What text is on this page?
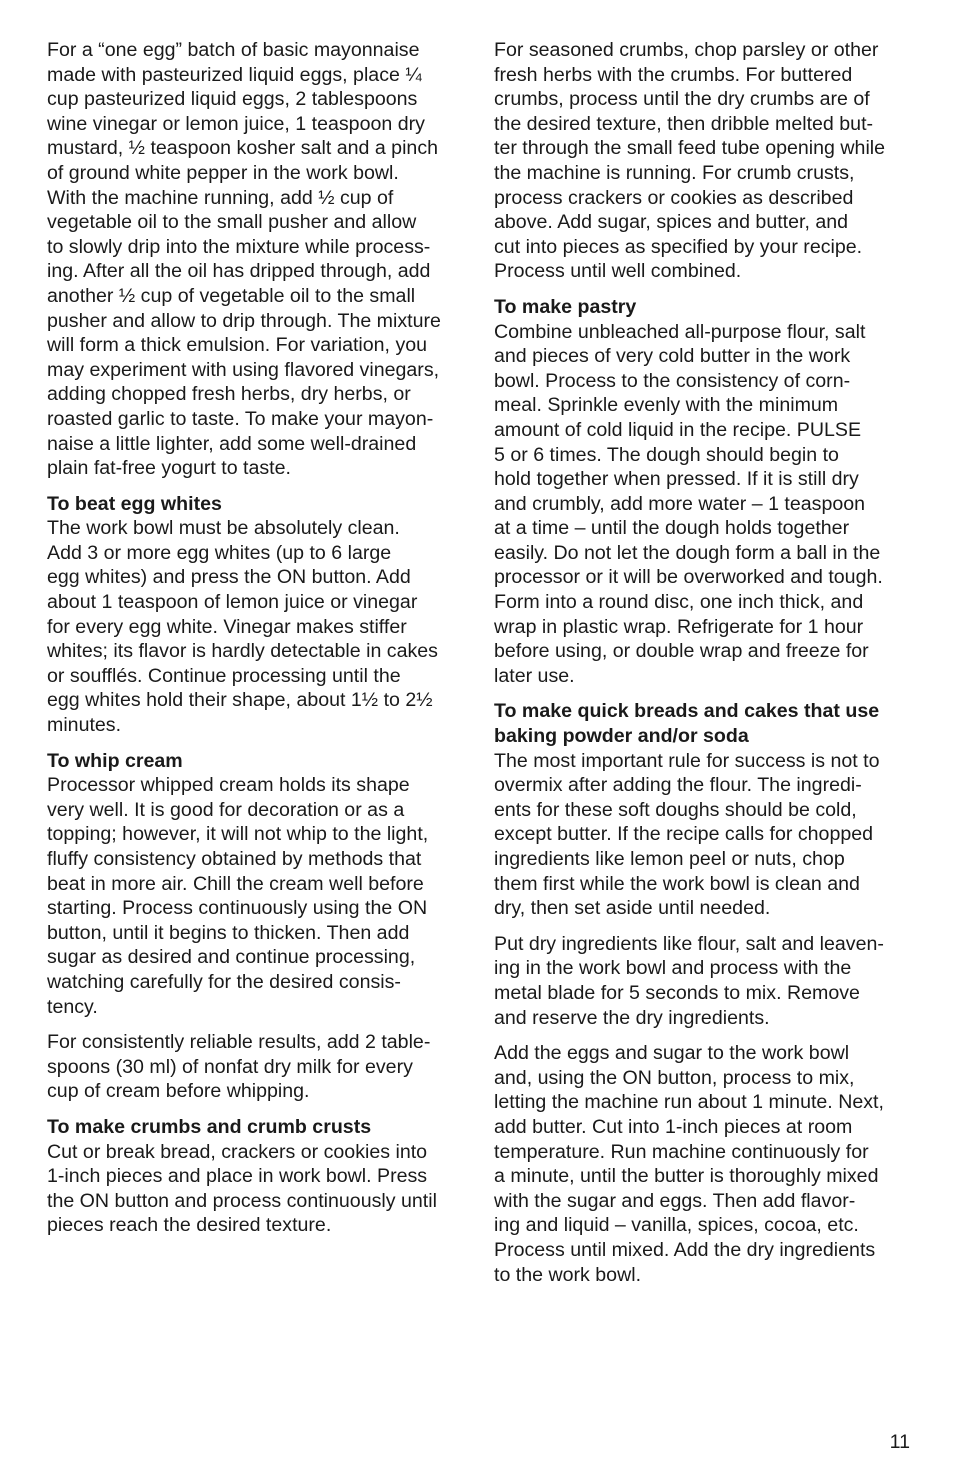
For a “one egg” batch of basic mayonnaise
made with pasteurized liquid eggs, place ¼
cup pasteurized liquid eggs, 2 tablespoons
wine vinegar or lemon juice, 1 teaspoon dry
mustard, ½ teaspoon kosher salt and a pinch
of ground white pepper in the work bowl.
With the machine running, add ½ cup of
vegetable oil to the small pusher and allow
to slowly drip into the mixture while process-
ing. After all the oil has dripped through, add
another ½ cup of vegetable oil to the small
pusher and allow to drip through. The mixture
will form a thick emulsion. For variation, you
may experiment with using flavored vinegars,
adding chopped fresh herbs, dry herbs, or
roasted garlic to taste. To make your mayon-
naise a little lighter, add some well-drained
plain fat-free yogurt to taste.

To beat egg whites

The work bowl must be absolutely clean.
Add 3 or more egg whites (up to 6 large
egg whites) and press the ON button. Add
about 1 teaspoon of lemon juice or vinegar
for every egg white. Vinegar makes stiffer
whites; its flavor is hardly detectable in cakes
or soufflés. Continue processing until the
egg whites hold their shape, about 1½ to 2½
minutes.

To whip cream

Processor whipped cream holds its shape
very well. It is good for decoration or as a
topping; however, it will not whip to the light,
fluffy consistency obtained by methods that
beat in more air. Chill the cream well before
starting. Process continuously using the ON
button, until it begins to thicken. Then add
sugar as desired and continue processing,
watching carefully for the desired consis-
tency.

For consistently reliable results, add 2 table-
spoons (30 ml) of nonfat dry milk for every
cup of cream before whipping.

To make crumbs and crumb crusts

Cut or break bread, crackers or cookies into
1-inch pieces and place in work bowl. Press
the ON button and process continuously until
pieces reach the desired texture.

For seasoned crumbs, chop parsley or other
fresh herbs with the crumbs. For buttered
crumbs, process until the dry crumbs are of
the desired texture, then dribble melted but-
ter through the small feed tube opening while
the machine is running. For crumb crusts,
process crackers or cookies as described
above. Add sugar, spices and butter, and
cut into pieces as specified by your recipe.
Process until well combined.

To make pastry

Combine unbleached all-purpose flour, salt
and pieces of very cold butter in the work
bowl. Process to the consistency of corn-
meal. Sprinkle evenly with the minimum
amount of cold liquid in the recipe. PULSE
5 or 6 times. The dough should begin to
hold together when pressed. If it is still dry
and crumbly, add more water – 1 teaspoon
at a time – until the dough holds together
easily. Do not let the dough form a ball in the
processor or it will be overworked and tough.
Form into a round disc, one inch thick, and
wrap in plastic wrap. Refrigerate for 1 hour
before using, or double wrap and freeze for
later use.

To make quick breads and cakes that use
baking powder and/or soda

The most important rule for success is not to
overmix after adding the flour. The ingredi-
ents for these soft doughs should be cold,
except butter. If the recipe calls for chopped
ingredients like lemon peel or nuts, chop
them first while the work bowl is clean and
dry, then set aside until needed.

Put dry ingredients like flour, salt and leaven-
ing in the work bowl and process with the
metal blade for 5 seconds to mix. Remove
and reserve the dry ingredients.

Add the eggs and sugar to the work bowl
and, using the ON button, process to mix,
letting the machine run about 1 minute. Next,
add butter. Cut into 1-inch pieces at room
temperature. Run machine continuously for
a minute, until the butter is thoroughly mixed
with the sugar and eggs. Then add flavor-
ing and liquid – vanilla, spices, cocoa, etc.
Process until mixed. Add the dry ingredients
to the work bowl.

11
